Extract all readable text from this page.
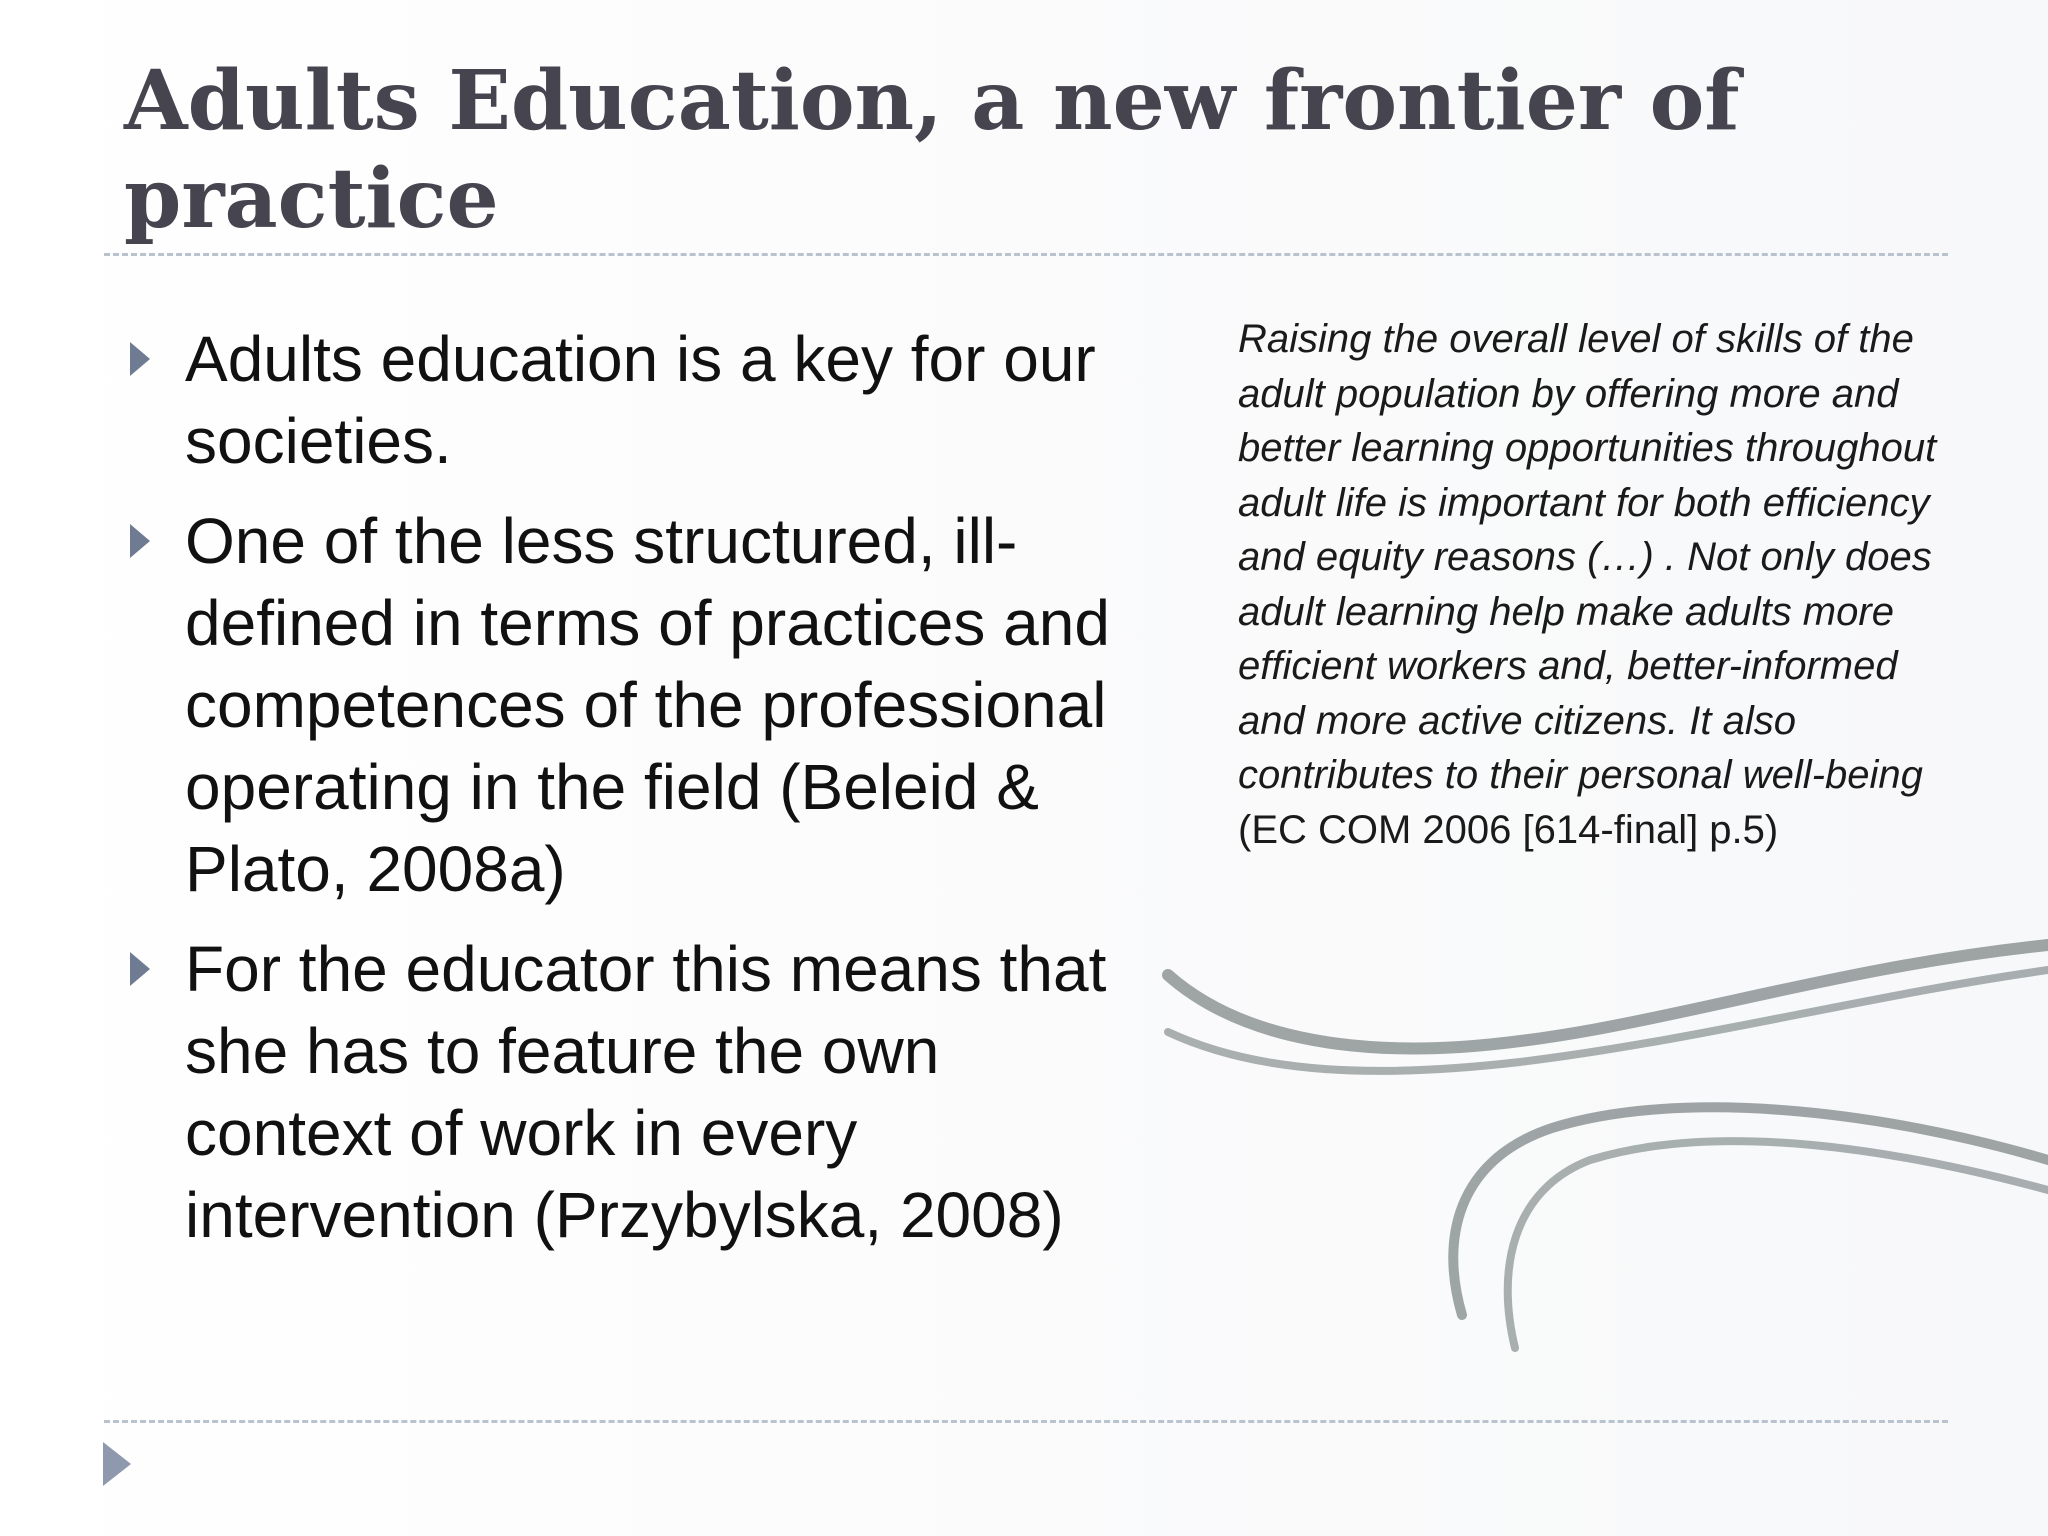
Adults Education, a new frontier of practice
Adults education is a key for our societies.
One of the less structured, ill-defined in terms of practices and competences of the professional operating in the field (Beleid & Plato, 2008a)
For the educator this means that she has to feature the own context of work in every intervention (Przybylska, 2008)

Raising the overall level of skills of the adult population by offering more and better learning opportunities throughout adult life is important for both efficiency and equity reasons (…) . Not only does adult learning help make adults more efficient workers and, better-informed and more active citizens. It also contributes to their personal well-being (EC COM 2006 [614-final] p.5)
